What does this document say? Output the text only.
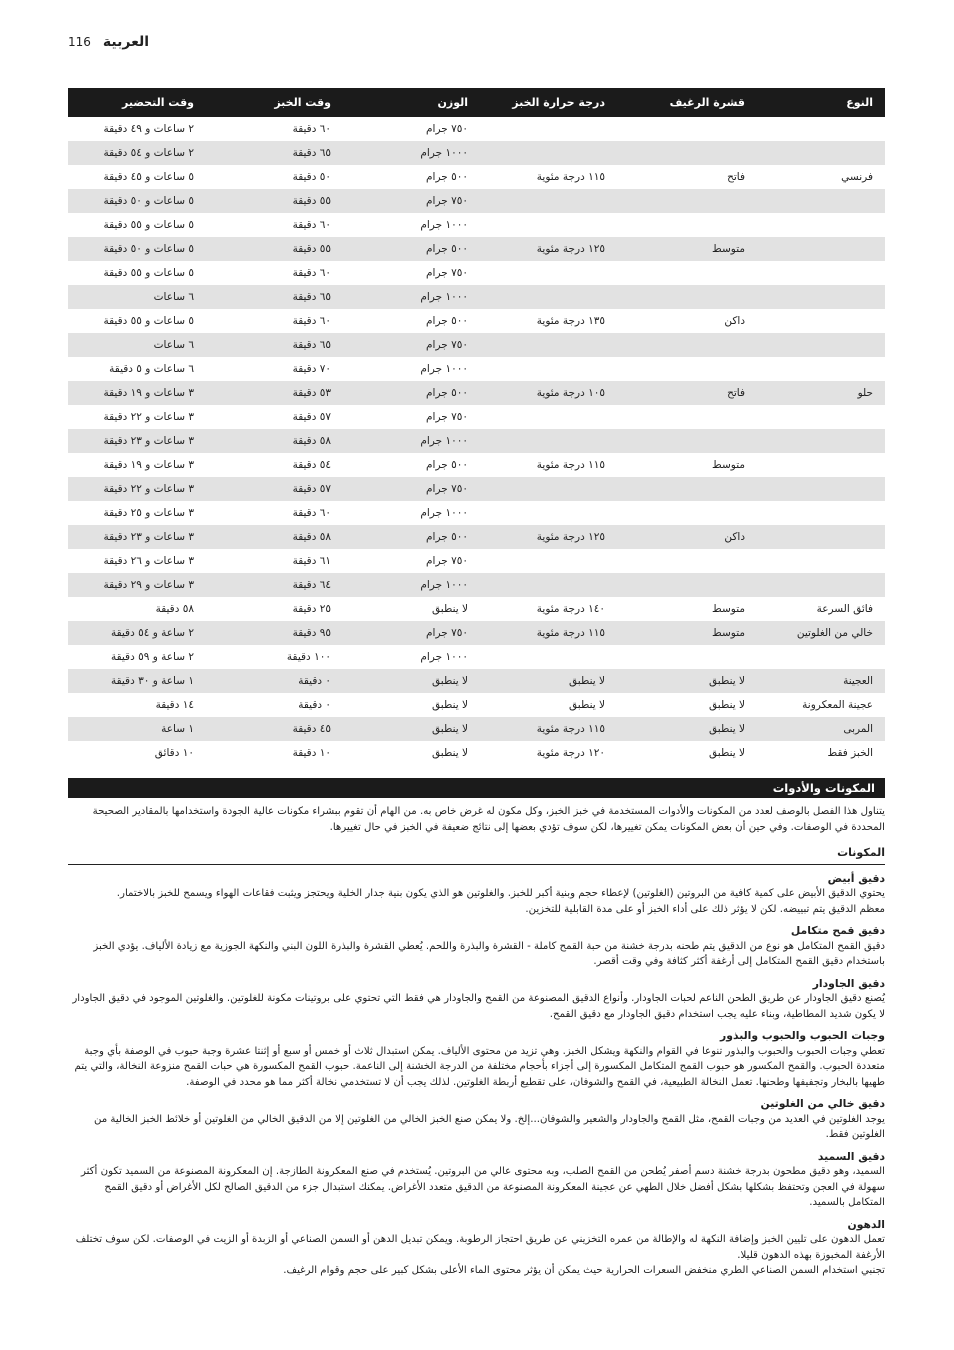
116 العربية
النوع	قشرة الرغيف	درجة حرارة الخبز	الوزن	وقت الخبز	وقت التحضير
			٧٥٠ جرام	٦٠ دقيقة	٢ ساعات و ٤٩ دقيقة
			١٠٠٠ جرام	٦٥ دقيقة	٢ ساعات و ٥٤ دقيقة
فرنسي	فاتح	١١٥ درجة مئوية	٥٠٠ جرام	٥٠ دقيقة	٥ ساعات و ٤٥ دقيقة
			٧٥٠ جرام	٥٥ دقيقة	٥ ساعات و ٥٠ دقيقة
			١٠٠٠ جرام	٦٠ دقيقة	٥ ساعات و ٥٥ دقيقة
	متوسط	١٢٥ درجة مئوية	٥٠٠ جرام	٥٥ دقيقة	٥ ساعات و ٥٠ دقيقة
			٧٥٠ جرام	٦٠ دقيقة	٥ ساعات و ٥٥ دقيقة
			١٠٠٠ جرام	٦٥ دقيقة	٦ ساعات
	داكن	١٣٥ درجة مئوية	٥٠٠ جرام	٦٠ دقيقة	٥ ساعات و ٥٥ دقيقة
			٧٥٠ جرام	٦٥ دقيقة	٦ ساعات
			١٠٠٠ جرام	٧٠ دقيقة	٦ ساعات و ٥ دقيقة
حلو	فاتح	١٠٥ درجة مئوية	٥٠٠ جرام	٥٣ دقيقة	٣ ساعات و ١٩ دقيقة
			٧٥٠ جرام	٥٧ دقيقة	٣ ساعات و ٢٢ دقيقة
			١٠٠٠ جرام	٥٨ دقيقة	٣ ساعات و ٢٣ دقيقة
	متوسط	١١٥ درجة مئوية	٥٠٠ جرام	٥٤ دقيقة	٣ ساعات و ١٩ دقيقة
			٧٥٠ جرام	٥٧ دقيقة	٣ ساعات و ٢٢ دقيقة
			١٠٠٠ جرام	٦٠ دقيقة	٣ ساعات و ٢٥ دقيقة
	داكن	١٢٥ درجة مئوية	٥٠٠ جرام	٥٨ دقيقة	٣ ساعات و ٢٣ دقيقة
			٧٥٠ جرام	٦١ دقيقة	٣ ساعات و ٢٦ دقيقة
			١٠٠٠ جرام	٦٤ دقيقة	٣ ساعات و ٢٩ دقيقة
فائق السرعة	متوسط	١٤٠ درجة مئوية	لا ينطبق	٢٥ دقيقة	٥٨ دقيقة
خالي من الغلوتين	متوسط	١١٥ درجة مئوية	٧٥٠ جرام	٩٥ دقيقة	٢ ساعة و ٥٤ دقيقة
			١٠٠٠ جرام	١٠٠ دقيقة	٢ ساعة و ٥٩ دقيقة
العجينة	لا ينطبق	لا ينطبق	لا ينطبق	٠ دقيقة	١ ساعة و ٣٠ دقيقة
عجينة المعكرونة	لا ينطبق	لا ينطبق	لا ينطبق	٠ دقيقة	١٤ دقيقة
المربى	لا ينطبق	١١٥ درجة مئوية	لا ينطبق	٤٥ دقيقة	١ ساعة
الخبز فقط	لا ينطبق	١٢٠ درجة مئوية	لا ينطبق	١٠ دقيقة	١٠ دقائق
المكونات والأدوات

يتناول هذا الفصل بالوصف لعدد من المكونات والأدوات المستخدمة في خبز الخبز، وكل مكون له غرض خاص به. من الهام أن تقوم ببشراء مكونات عالية الجودة واستخدامها بالمقادير الصحيحة المحددة في الوصفات. وفي حين أن بعض المكونات يمكن تغييرها، لكن سوف تؤدي بعضها إلى نتائج ضعيفة في الخبز في حال تغييرها.

المكونات
دقيق أبيض

يحتوي الدقيق الأبيض على كمية كافية من البروتين (الغلوتين) لإعطاء حجم وبنية أكبر للخبز. والغلوتين هو الذي يكون بنية جدار الخلية ويحتجز ويثبت فقاعات الهواء ويسمح للخبز بالاختمار.

معظم الدقيق يتم تبييضه. لكن لا يؤثر ذلك على أداء الخبز أو على مدة القابلية للتخزين.

دقيق قمح متكامل

دقيق القمح المتكامل هو نوع من الدقيق يتم طحنه بدرجة خشنة من حبة القمح كاملة - القشرة والبذرة واللحم. يُعطي القشرة والبذرة اللون البني والنكهة الجوزية مع زيادة الألياف. يؤدي الخبز باستخدام دقيق القمح المتكامل إلى أرغفة أكثر كثافة وفي وقت أقصر.

دقيق الجاودار

يُصنع دقيق الجاودار عن طريق الطحن الناعم لحبات الجاودار. وأنواع الدقيق المصنوعة من القمح والجاودار هي فقط التي تحتوي على بروتينات مكونة للغلوتين. والغلوتين الموجود في دقيق الجاودار لا يكون شديد المطاطية، وبناء عليه يجب استخدام دقيق الجاودار مع دقيق القمح.

وجبات الحبوب والحبوب والبذور

تعطي وجبات الحبوب والحبوب والبذور تنوعا في القوام والنكهة ويشكل الخبز. وهي تزيد من محتوى الألياف. يمكن استبدال ثلاث أو خمس أو سبع أو إثنتا عشرة وجبة حبوب في الوصفة بأي وجبة متعددة الحبوب. والقمح المكسور هو حبوب القمح المتكامل المكسورة إلى أجزاء بأحجام مختلفة من الدرجة الخشنة إلى الناعمة. حبوب القمح المكسورة هي حبات القمح منزوعة النخالة، والتي يتم طهيها بالبخار وتجفيفها وطحنها. تعمل النخالة الطبيعية، في القمح والشوفان، على تقطيع أربطة الغلوتين. لذلك يجب أن لا تستخدمي نخالة أكثر مما هو محدد في الوصفة.

دقيق خالي من الغلوتين

يوجد الغلوتين في العديد من وجبات القمح، مثل القمح والجاودار والشعير والشوفان...إلخ. ولا يمكن صنع الخبز الخالي من الغلوتين إلا من الدقيق الخالي من الغلوتين أو خلائط الخبز الخالية من الغلوتين فقط.

دقيق السميد

السميد، وهو دقيق مطحون بدرجة خشنة دسم أصفر يُطحن من القمح الصلب، وبه محتوى عالي من البروتين. يُستخدم في صنع المعكرونة الطازجة. إن المعكرونة المصنوعة من السميد تكون أكثر سهولة في العجن وتحتفظ بشكلها بشكل أفضل خلال الطهي عن عجينة المعكرونة المصنوعة من الدقيق متعدد الأغراض. يمكنك استبدال جزء من الدقيق الصالح لكل الأغراض أو دقيق القمح المتكامل بالسميد.

الدهون

تعمل الدهون على تليين الخبز وإضافة النكهة له والإطالة من عمره التخزيني عن طريق احتجاز الرطوبة. ويمكن تبديل الدهن أو السمن الصناعي أو الزبدة أو الزيت في الوصفات. لكن سوف تختلف الأرغفة المخبوزة بهذه الدهون قليلا.

تجنبي استخدام السمن الصناعي الطري منخفض السعرات الحرارية حيث يمكن أن يؤثر محتوى الماء الأعلى بشكل كبير على حجم وقوام الرغيف.
